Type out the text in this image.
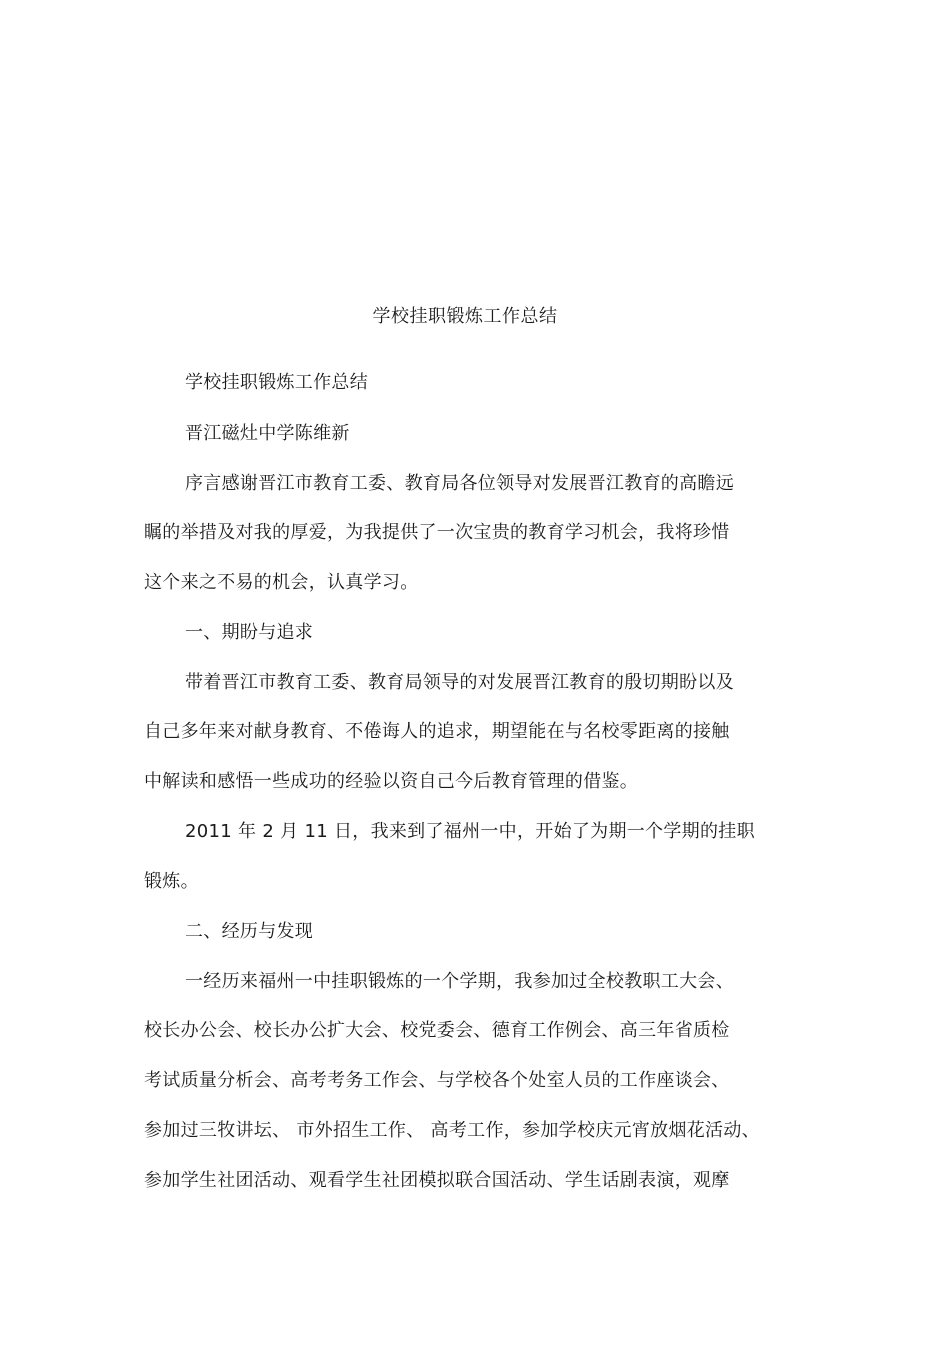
学校挂职锻炼工作总结
学校挂职锻炼工作总结
晋江磁灶中学陈维新
序言感谢晋江市教育工委、教育局各位领导对发展晋江教育的高瞻远
瞩的举措及对我的厚爱，为我提供了一次宝贵的教育学习机会，我将珍惜
这个来之不易的机会，认真学习。
一、期盼与追求
带着晋江市教育工委、教育局领导的对发展晋江教育的殷切期盼以及
自己多年来对献身教育、不倦诲人的追求，期望能在与名校零距离的接触
中解读和感悟一些成功的经验以资自己今后教育管理的借鉴。
2011 年 2 月 11 日，我来到了福州一中，开始了为期一个学期的挂职
锻炼。
二、经历与发现
一经历来福州一中挂职锻炼的一个学期，我参加过全校教职工大会、
校长办公会、校长办公扩大会、校党委会、德育工作例会、高三年省质检
考试质量分析会、高考考务工作会、与学校各个处室人员的工作座谈会、
参加过三牧讲坛、 市外招生工作、 高考工作，参加学校庆元宵放烟花活动、
参加学生社团活动、观看学生社团模拟联合国活动、学生话剧表演，观摩
